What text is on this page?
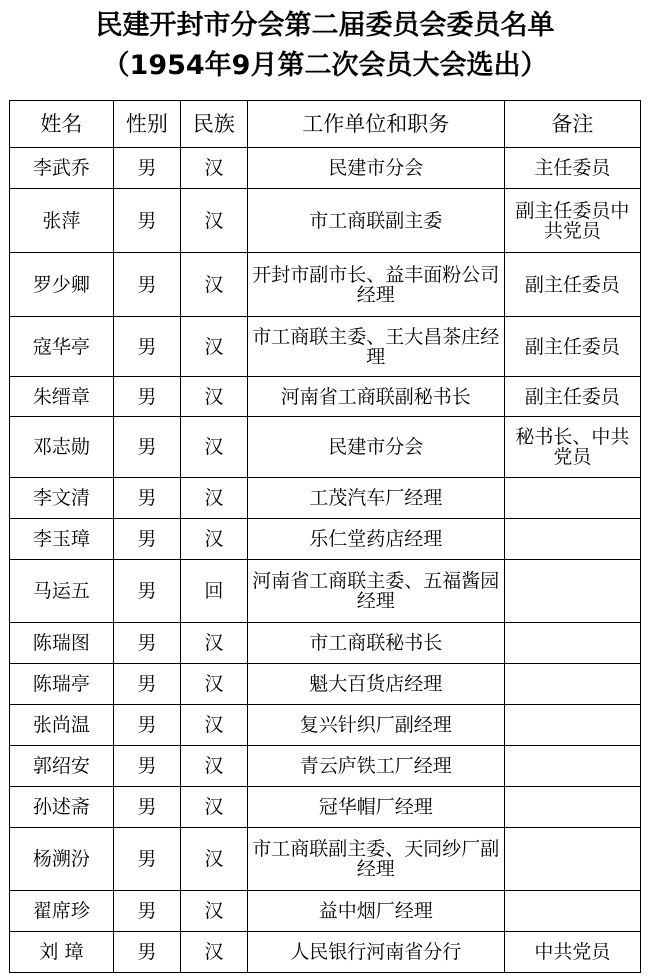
民建开封市分会第二届委员会委员名单
（1954年9月第二次会员大会选出）
姓名	性别	民族	工作单位和职务	备注
李武乔	男	汉	民建市分会	主任委员
张萍	男	汉	市工商联副主委	副主任委员中共党员
罗少卿	男	汉	开封市副市长、益丰面粉公司经理	副主任委员
寇华亭	男	汉	市工商联主委、王大昌茶庄经理	副主任委员
朱缙章	男	汉	河南省工商联副秘书长	副主任委员
邓志勋	男	汉	民建市分会	秘书长、中共党员
李文清	男	汉	工茂汽车厂经理	
李玉璋	男	汉	乐仁堂药店经理	
马运五	男	回	河南省工商联主委、五福酱园经理	
陈瑞图	男	汉	市工商联秘书长	
陈瑞亭	男	汉	魁大百货店经理	
张尚温	男	汉	复兴针织厂副经理	
郭绍安	男	汉	青云庐铁工厂经理	
孙述斋	男	汉	冠华帽厂经理	
杨溯汾	男	汉	市工商联副主委、天同纱厂副经理	
翟席珍	男	汉	益中烟厂经理	
刘 璋	男	汉	人民银行河南省分行	中共党员
